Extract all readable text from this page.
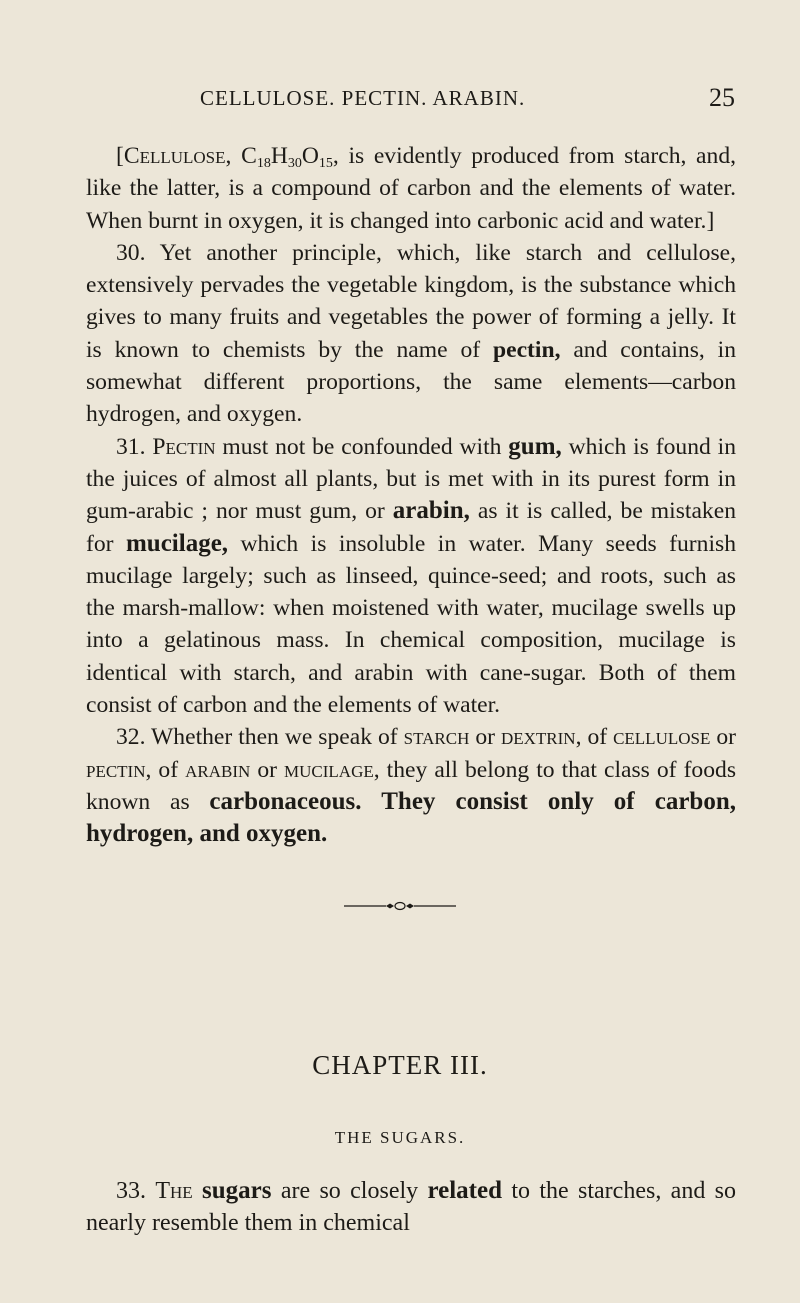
CELLULOSE. PECTIN. ARABIN.	25

[Cellulose, $C_{18}H_{30}O_{15}$, is evidently produced from starch, and, like the latter, is a compound of carbon and the elements of water. When burnt in oxygen, it is changed into carbonic acid and water.]

30. Yet another principle, which, like starch and cellulose, extensively pervades the vegetable kingdom, is the substance which gives to many fruits and vegetables the power of forming a jelly. It is known to chemists by the name of pectin, and contains, in somewhat different proportions, the same elements—carbon hydrogen, and oxygen.

31. Pectin must not be confounded with gum, which is found in the juices of almost all plants, but is met with in its purest form in gum-arabic ; nor must gum, or arabin, as it is called, be mistaken for mucilage, which is insoluble in water. Many seeds furnish mucilage largely; such as linseed, quince-seed; and roots, such as the marsh-mallow: when moistened with water, mucilage swells up into a gelatinous mass. In chemical composition, mucilage is identical with starch, and arabin with cane-sugar. Both of them consist of carbon and the elements of water.

32. Whether then we speak of starch or dextrin, of cellulose or pectin, of arabin or mucilage, they all belong to that class of foods known as carbonaceous. They consist only of carbon, hydrogen, and oxygen.

CHAPTER III.
THE SUGARS.

33. The sugars are so closely related to the starches, and so nearly resemble them in chemical
